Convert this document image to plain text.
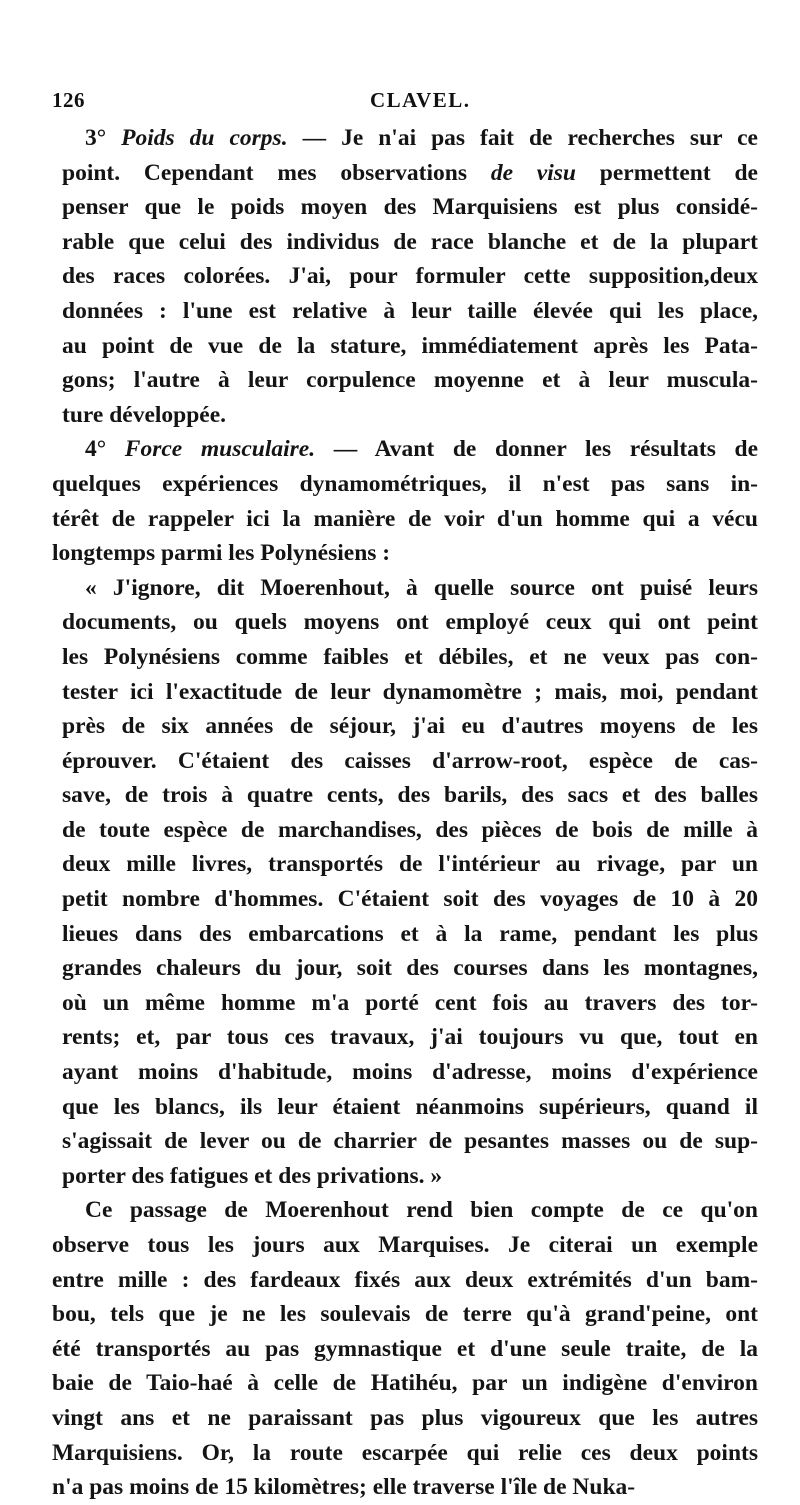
126	CLAVEL.
3° Poids du corps. — Je n'ai pas fait de recherches sur ce
point. Cependant mes observations de visu permettent de
penser que le poids moyen des Marquisiens est plus considé-
rable que celui des individus de race blanche et de la plupart
des races colorées. J'ai, pour formuler cette supposition,deux
données : l'une est relative à leur taille élevée qui les place,
au point de vue de la stature, immédiatement après les Pata-
gons; l'autre à leur corpulence moyenne et à leur muscula-
ture développée.
4° Force musculaire. — Avant de donner les résultats de
quelques expériences dynamométriques, il n'est pas sans in-
térêt de rappeler ici la manière de voir d'un homme qui a vécu
longtemps parmi les Polynésiens :
« J'ignore, dit Moerenhout, à quelle source ont puisé leurs
documents, ou quels moyens ont employé ceux qui ont peint
les Polynésiens comme faibles et débiles, et ne veux pas con-
tester ici l'exactitude de leur dynamomètre ; mais, moi, pendant
près de six années de séjour, j'ai eu d'autres moyens de les
éprouver. C'étaient des caisses d'arrow-root, espèce de cas-
save, de trois à quatre cents, des barils, des sacs et des balles
de toute espèce de marchandises, des pièces de bois de mille à
deux mille livres, transportés de l'intérieur au rivage, par un
petit nombre d'hommes. C'étaient soit des voyages de 10 à 20
lieues dans des embarcations et à la rame, pendant les plus
grandes chaleurs du jour, soit des courses dans les montagnes,
où un même homme m'a porté cent fois au travers des tor-
rents; et, par tous ces travaux, j'ai toujours vu que, tout en
ayant moins d'habitude, moins d'adresse, moins d'expérience
que les blancs, ils leur étaient néanmoins supérieurs, quand il
s'agissait de lever ou de charrier de pesantes masses ou de sup-
porter des fatigues et des privations. »
Ce passage de Moerenhout rend bien compte de ce qu'on
observe tous les jours aux Marquises. Je citerai un exemple
entre mille : des fardeaux fixés aux deux extrémités d'un bam-
bou, tels que je ne les soulevais de terre qu'à grand'peine, ont
été transportés au pas gymnastique et d'une seule traite, de la
baie de Taio-haé à celle de Hatihéu, par un indigène d'environ
vingt ans et ne paraissant pas plus vigoureux que les autres
Marquisiens. Or, la route escarpée qui relie ces deux points
n'a pas moins de 15 kilomètres; elle traverse l'île de Nuka-
